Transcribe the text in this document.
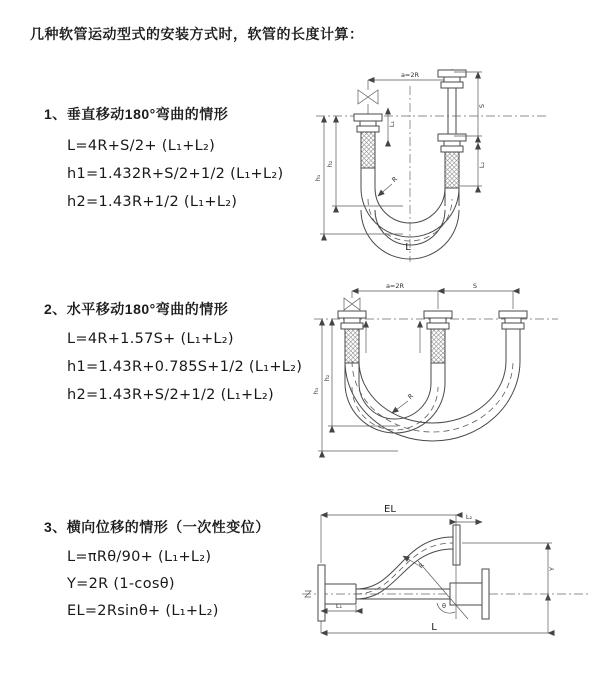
几种软管运动型式的安装方式时，软管的长度计算：
1、垂直移动180°弯曲的情形
L=4R+S/2+ (L₁+L₂)
h1=1.432R+S/2+1/2 (L₁+L₂)
h2=1.43R+1/2 (L₁+L₂)
a=2R
S
L₂
L₁
h₁
h₂
R
L
2、水平移动180°弯曲的情形
L=4R+1.57S+ (L₁+L₂)
h1=1.43R+0.785S+1/2 (L₁+L₂)
h2=1.43R+S/2+1/2 (L₁+L₂)
a=2R	S
h₁
h₂
R
3、横向位移的情形（一次性变位）
L=πRθ/90+ (L₁+L₂)
Y=2R (1-cosθ)
EL=2Rsinθ+ (L₁+L₂)
EL
L₂
Y
θ
R
L₁
L
